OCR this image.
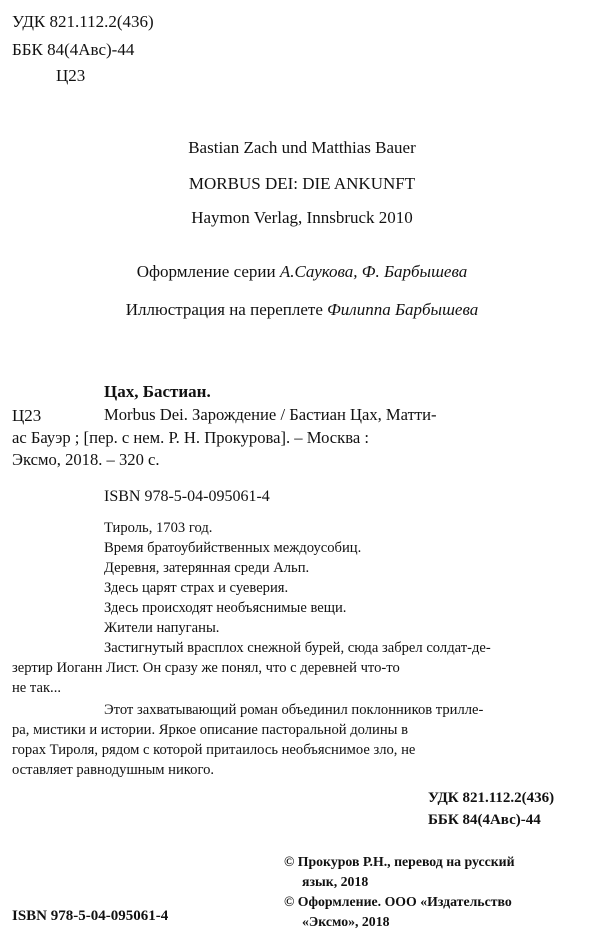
УДК 821.112.2(436)
ББК 84(4Авс)-44
Ц23
Bastian Zach und Matthias Bauer
MORBUS DEI: DIE ANKUNFT
Haymon Verlag, Innsbruck 2010
Оформление серии А.Саукова, Ф. Барбышева
Иллюстрация на переплете Филиппа Барбышева
Цах, Бастиан.
Ц23	Morbus Dei. Зарождение / Бастиан Цах, Матти-
ас Бауэр ; [пер. с нем. Р. Н. Прокурова]. – Москва :
Эксмо, 2018. – 320 с.
ISBN 978-5-04-095061-4

Тироль, 1703 год.

Время братоубийственных междоусобиц.

Деревня, затерянная среди Альп.

Здесь царят страх и суеверия.

Здесь происходят необъяснимые вещи.

Жители напуганы.

Застигнутый врасплох снежной бурей, сюда забрел солдат-де-

зертир Иоганн Лист. Он сразу же понял, что с деревней что-то

не так...

Этот захватывающий роман объединил поклонников трилле-

ра, мистики и истории. Яркое описание пасторальной долины в

горах Тироля, рядом с которой притаилось необъяснимое зло, не

оставляет равнодушным никого.

УДК 821.112.2(436)
ББК 84(4Авс)-44

© Прокуров Р.Н., перевод на русский

язык, 2018

© Оформление. ООО «Издательство

«Эксмо», 2018

ISBN 978-5-04-095061-4
